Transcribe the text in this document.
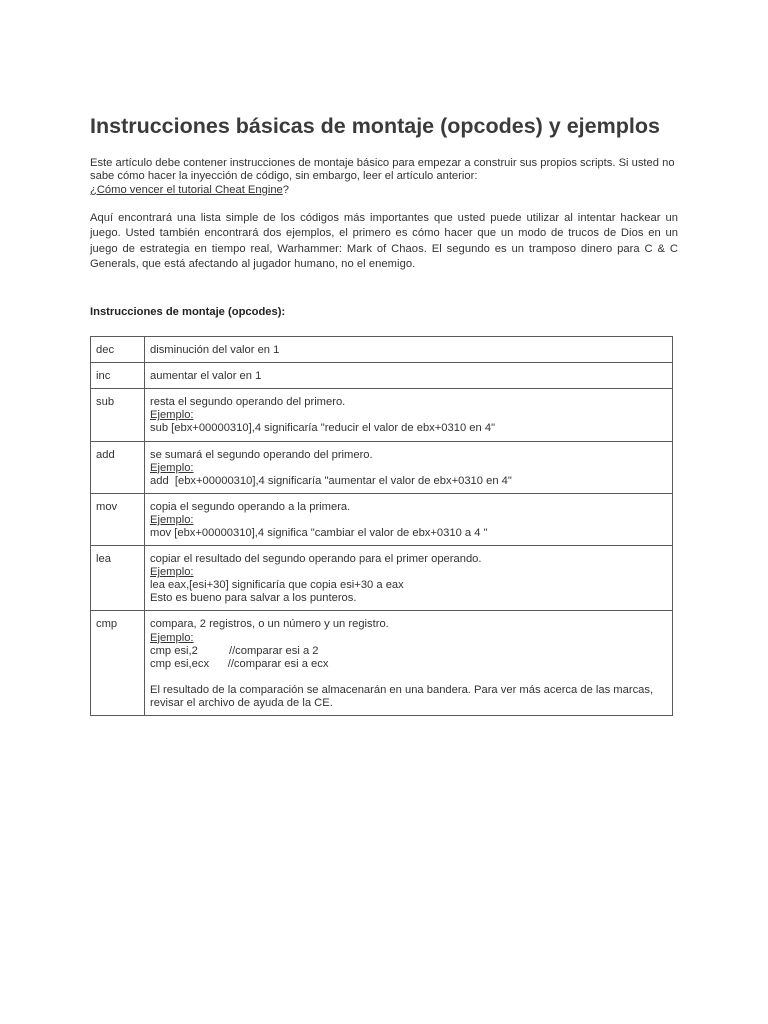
Instrucciones básicas de montaje (opcodes) y ejemplos
Este artículo debe contener instrucciones de montaje básico para empezar a construir sus propios scripts. Si usted no sabe cómo hacer la inyección de código, sin embargo, leer el artículo anterior:
¿Cómo vencer el tutorial Cheat Engine?
Aquí encontrará una lista simple de los códigos más importantes que usted puede utilizar al intentar hackear un juego. Usted también encontrará dos ejemplos, el primero es cómo hacer que un modo de trucos de Dios en un juego de estrategia en tiempo real, Warhammer: Mark of Chaos. El segundo es un tramposo dinero para C & C Generals, que está afectando al jugador humano, no el enemigo.
Instrucciones de montaje (opcodes):
dec	disminución del valor en 1
inc	aumentar el valor en 1
sub	resta el segundo operando del primero.
Ejemplo:
sub [ebx+00000310],4 significaría "reducir el valor de ebx+0310 en 4"

add	se sumará el segundo operando del primero.
Ejemplo:
add  [ebx+00000310],4 significaría "aumentar el valor de ebx+0310 en 4"

mov	copia el segundo operando a la primera.
Ejemplo:
mov [ebx+00000310],4 significa "cambiar el valor de ebx+0310 a 4 "

lea	copiar el resultado del segundo operando para el primer operando.
Ejemplo:
lea eax,[esi+30] significaría que copia esi+30 a eax
Esto es bueno para salvar a los punteros.

cmp	compara, 2 registros, o un número y un registro.
Ejemplo:
cmp esi,2          //comparar esi a 2
cmp esi,ecx      //comparar esi a ecx
El resultado de la comparación se almacenarán en una bandera. Para ver más acerca de las marcas, revisar el archivo de ayuda de la CE.
